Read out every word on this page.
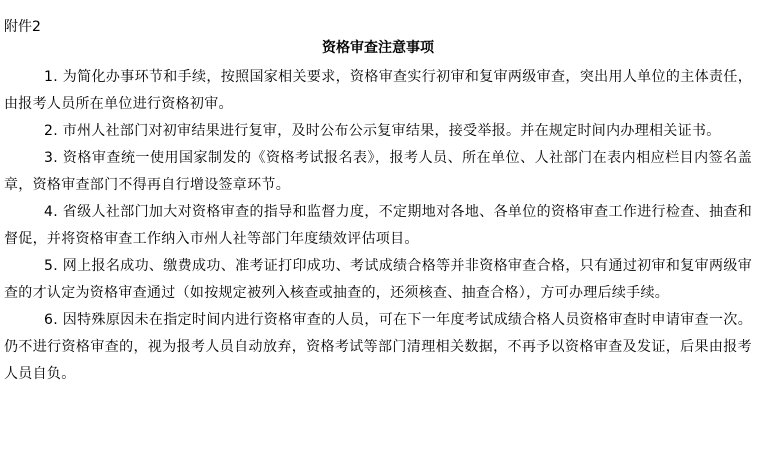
附件2

资格审查注意事项

1. 为简化办事环节和手续，按照国家相关要求，资格审查实行初审和复审两级审查，突出用人单位的主体责任，由报考人员所在单位进行资格初审。

2. 市州人社部门对初审结果进行复审，及时公布公示复审结果，接受举报。并在规定时间内办理相关证书。

3. 资格审查统一使用国家制发的《资格考试报名表》，报考人员、所在单位、人社部门在表内相应栏目内签名盖章，资格审查部门不得再自行增设签章环节。

4. 省级人社部门加大对资格审查的指导和监督力度，不定期地对各地、各单位的资格审查工作进行检查、抽查和督促，并将资格审查工作纳入市州人社等部门年度绩效评估项目。

5. 网上报名成功、缴费成功、准考证打印成功、考试成绩合格等并非资格审查合格，只有通过初审和复审两级审查的才认定为资格审查通过（如按规定被列入核查或抽查的，还须核查、抽查合格），方可办理后续手续。

6. 因特殊原因未在指定时间内进行资格审查的人员，可在下一年度考试成绩合格人员资格审查时申请审查一次。仍不进行资格审查的，视为报考人员自动放弃，资格考试等部门清理相关数据，不再予以资格审查及发证，后果由报考人员自负。
